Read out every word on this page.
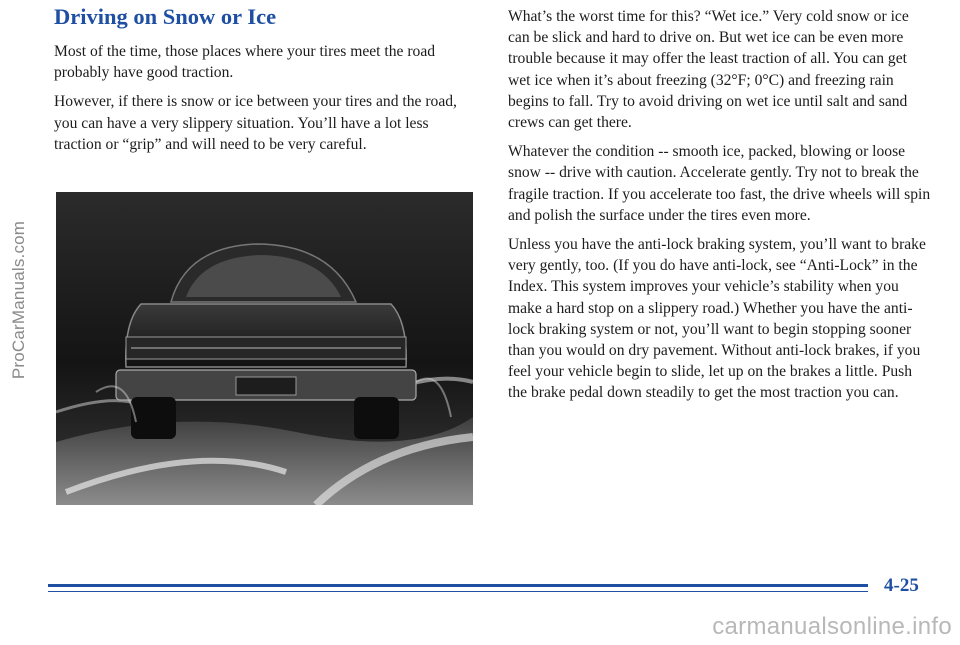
ProCarManuals.com
Driving on Snow or Ice

Most of the time, those places where your tires meet the road probably have good traction.

However, if there is snow or ice between your tires and the road, you can have a very slippery situation. You’ll have a lot less traction or “grip” and will need to be very careful.

What’s the worst time for this? “Wet ice.” Very cold snow or ice can be slick and hard to drive on. But wet ice can be even more trouble because it may offer the least traction of all. You can get wet ice when it’s about freezing (32°F; 0°C) and freezing rain begins to fall. Try to avoid driving on wet ice until salt and sand crews can get there.

Whatever the condition -- smooth ice, packed, blowing or loose snow -- drive with caution. Accelerate gently. Try not to break the fragile traction. If you accelerate too fast, the drive wheels will spin and polish the surface under the tires even more.

Unless you have the anti-lock braking system, you’ll want to brake very gently, too. (If you do have anti-lock, see “Anti-Lock” in the Index. This system improves your vehicle’s stability when you make a hard stop on a slippery road.) Whether you have the anti-lock braking system or not, you’ll want to begin stopping sooner than you would on dry pavement. Without anti-lock brakes, if you feel your vehicle begin to slide, let up on the brakes a little. Push the brake pedal down steadily to get the most traction you can.

4-25
carmanualsonline.info
